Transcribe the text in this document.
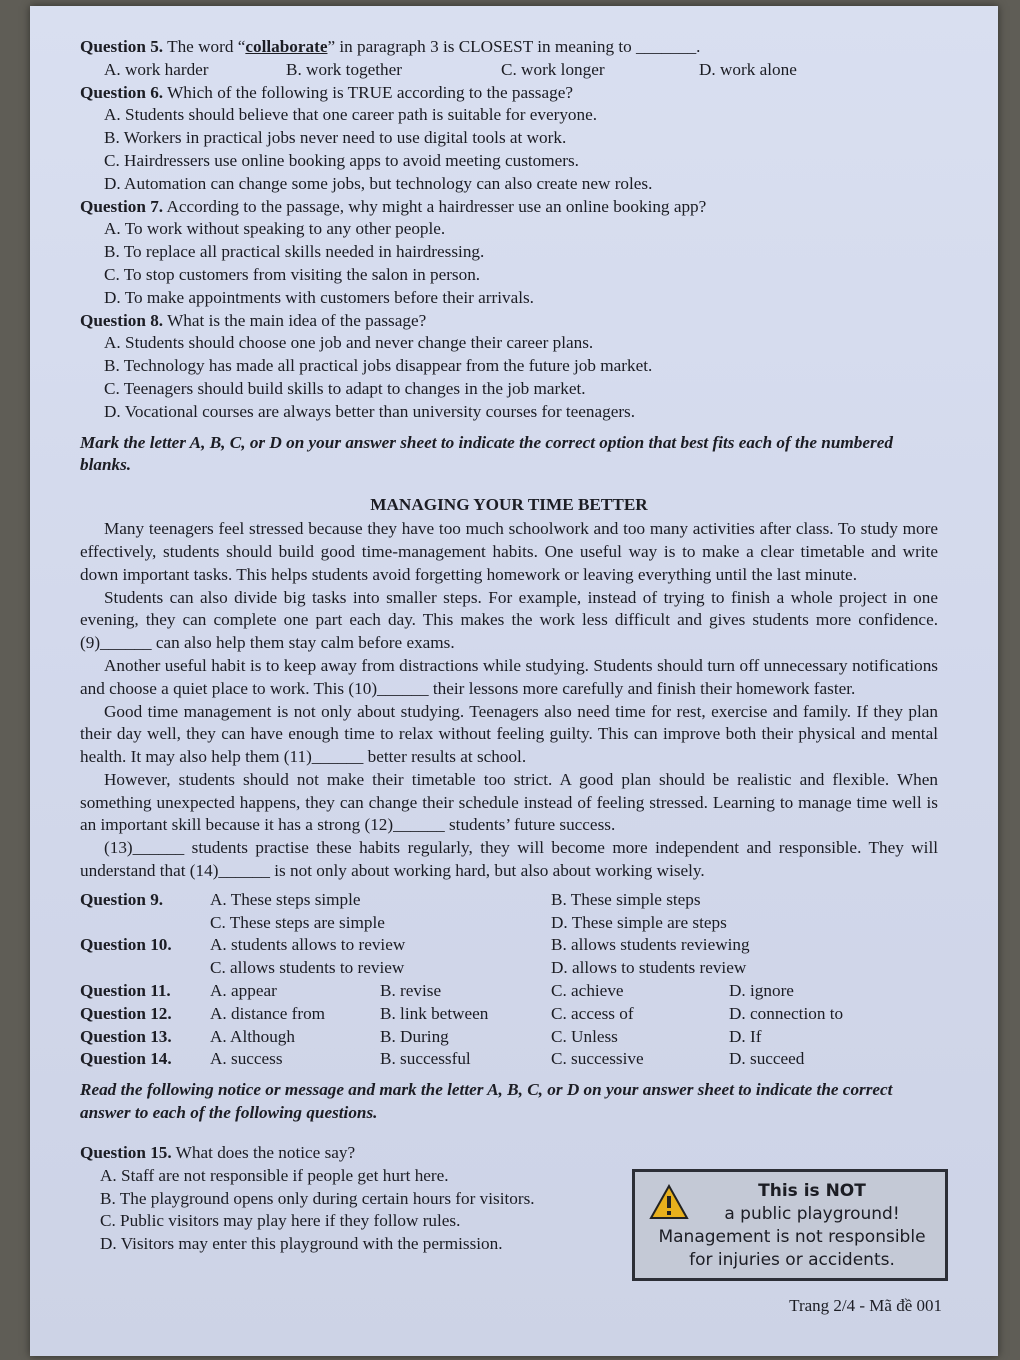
Question 5. The word “collaborate” in paragraph 3 is CLOSEST in meaning to _______.

A. work harder	B. work together	C. work longer	D. work alone

Question 6. Which of the following is TRUE according to the passage?

A. Students should believe that one career path is suitable for everyone.

B. Workers in practical jobs never need to use digital tools at work.

C. Hairdressers use online booking apps to avoid meeting customers.

D. Automation can change some jobs, but technology can also create new roles.

Question 7. According to the passage, why might a hairdresser use an online booking app?

A. To work without speaking to any other people.

B. To replace all practical skills needed in hairdressing.

C. To stop customers from visiting the salon in person.

D. To make appointments with customers before their arrivals.

Question 8. What is the main idea of the passage?

A. Students should choose one job and never change their career plans.

B. Technology has made all practical jobs disappear from the future job market.

C. Teenagers should build skills to adapt to changes in the job market.

D. Vocational courses are always better than university courses for teenagers.

Mark the letter A, B, C, or D on your answer sheet to indicate the correct option that best fits each of the numbered blanks.

MANAGING YOUR TIME BETTER

Many teenagers feel stressed because they have too much schoolwork and too many activities after class. To study more effectively, students should build good time-management habits. One useful way is to make a clear timetable and write down important tasks. This helps students avoid forgetting homework or leaving everything until the last minute.

Students can also divide big tasks into smaller steps. For example, instead of trying to finish a whole project in one evening, they can complete one part each day. This makes the work less difficult and gives students more confidence. (9)______ can also help them stay calm before exams.

Another useful habit is to keep away from distractions while studying. Students should turn off unnecessary notifications and choose a quiet place to work. This (10)______ their lessons more carefully and finish their homework faster.

Good time management is not only about studying. Teenagers also need time for rest, exercise and family. If they plan their day well, they can have enough time to relax without feeling guilty. This can improve both their physical and mental health. It may also help them (11)______ better results at school.

However, students should not make their timetable too strict. A good plan should be realistic and flexible. When something unexpected happens, they can change their schedule instead of feeling stressed. Learning to manage time well is an important skill because it has a strong (12)______ students’ future success.

(13)______ students practise these habits regularly, they will become more independent and responsible. They will understand that (14)______ is not only about working hard, but also about working wisely.

Question 9.	A. These steps simple	B. These simple steps
C. These steps are simple	D. These simple are steps
Question 10.	A. students allows to review	B. allows students reviewing
C. allows students to review	D. allows to students review
Question 11.	A. appear	B. revise	C. achieve	D. ignore
Question 12.	A. distance from	B. link between	C. access of	D. connection to
Question 13.	A. Although	B. During	C. Unless	D. If
Question 14.	A. success	B. successful	C. successive	D. succeed

Read the following notice or message and mark the letter A, B, C, or D on your answer sheet to indicate the correct answer to each of the following questions.

Question 15. What does the notice say?

A. Staff are not responsible if people get hurt here.

B. The playground opens only during certain hours for visitors.

C. Public visitors may play here if they follow rules.

D. Visitors may enter this playground with the permission.

This is NOT
a public playground!
Management is not responsible
for injuries or accidents.
Trang 2/4 - Mã đề 001
